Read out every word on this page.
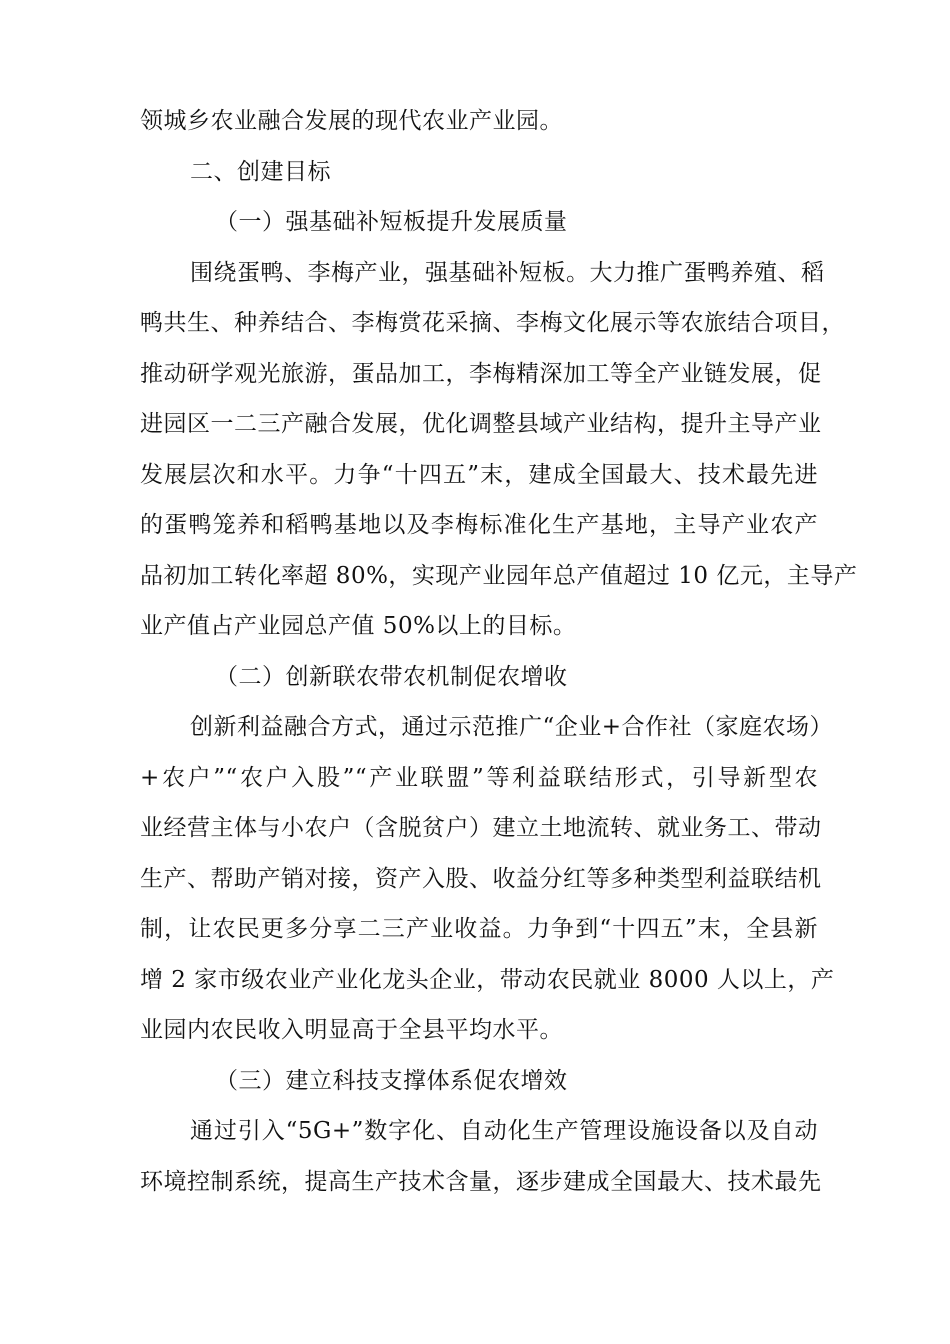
领城乡农业融合发展的现代农业产业园。

二、创建目标

（一）强基础补短板提升发展质量

围绕蛋鸭、李梅产业，强基础补短板。大力推广蛋鸭养殖、稻

鸭共生、种养结合、李梅赏花采摘、李梅文化展示等农旅结合项目，

推动研学观光旅游，蛋品加工，李梅精深加工等全产业链发展，促

进园区一二三产融合发展，优化调整县域产业结构，提升主导产业

发展层次和水平。力争“十四五”末，建成全国最大、技术最先进

的蛋鸭笼养和稻鸭基地以及李梅标准化生产基地，主导产业农产

品初加工转化率超 80%，实现产业园年总产值超过 10 亿元，主导产

业产值占产业园总产值 50%以上的目标。

（二）创新联农带农机制促农增收

创新利益融合方式，通过示范推广“企业+合作社（家庭农场）

+农户”“农户入股”“产业联盟”等利益联结形式，引导新型农

业经营主体与小农户（含脱贫户）建立土地流转、就业务工、带动

生产、帮助产销对接，资产入股、收益分红等多种类型利益联结机

制，让农民更多分享二三产业收益。力争到“十四五”末，全县新

增 2 家市级农业产业化龙头企业，带动农民就业 8000 人以上，产

业园内农民收入明显高于全县平均水平。

（三）建立科技支撑体系促农增效

通过引入“5G+”数字化、自动化生产管理设施设备以及自动

环境控制系统，提高生产技术含量，逐步建成全国最大、技术最先
